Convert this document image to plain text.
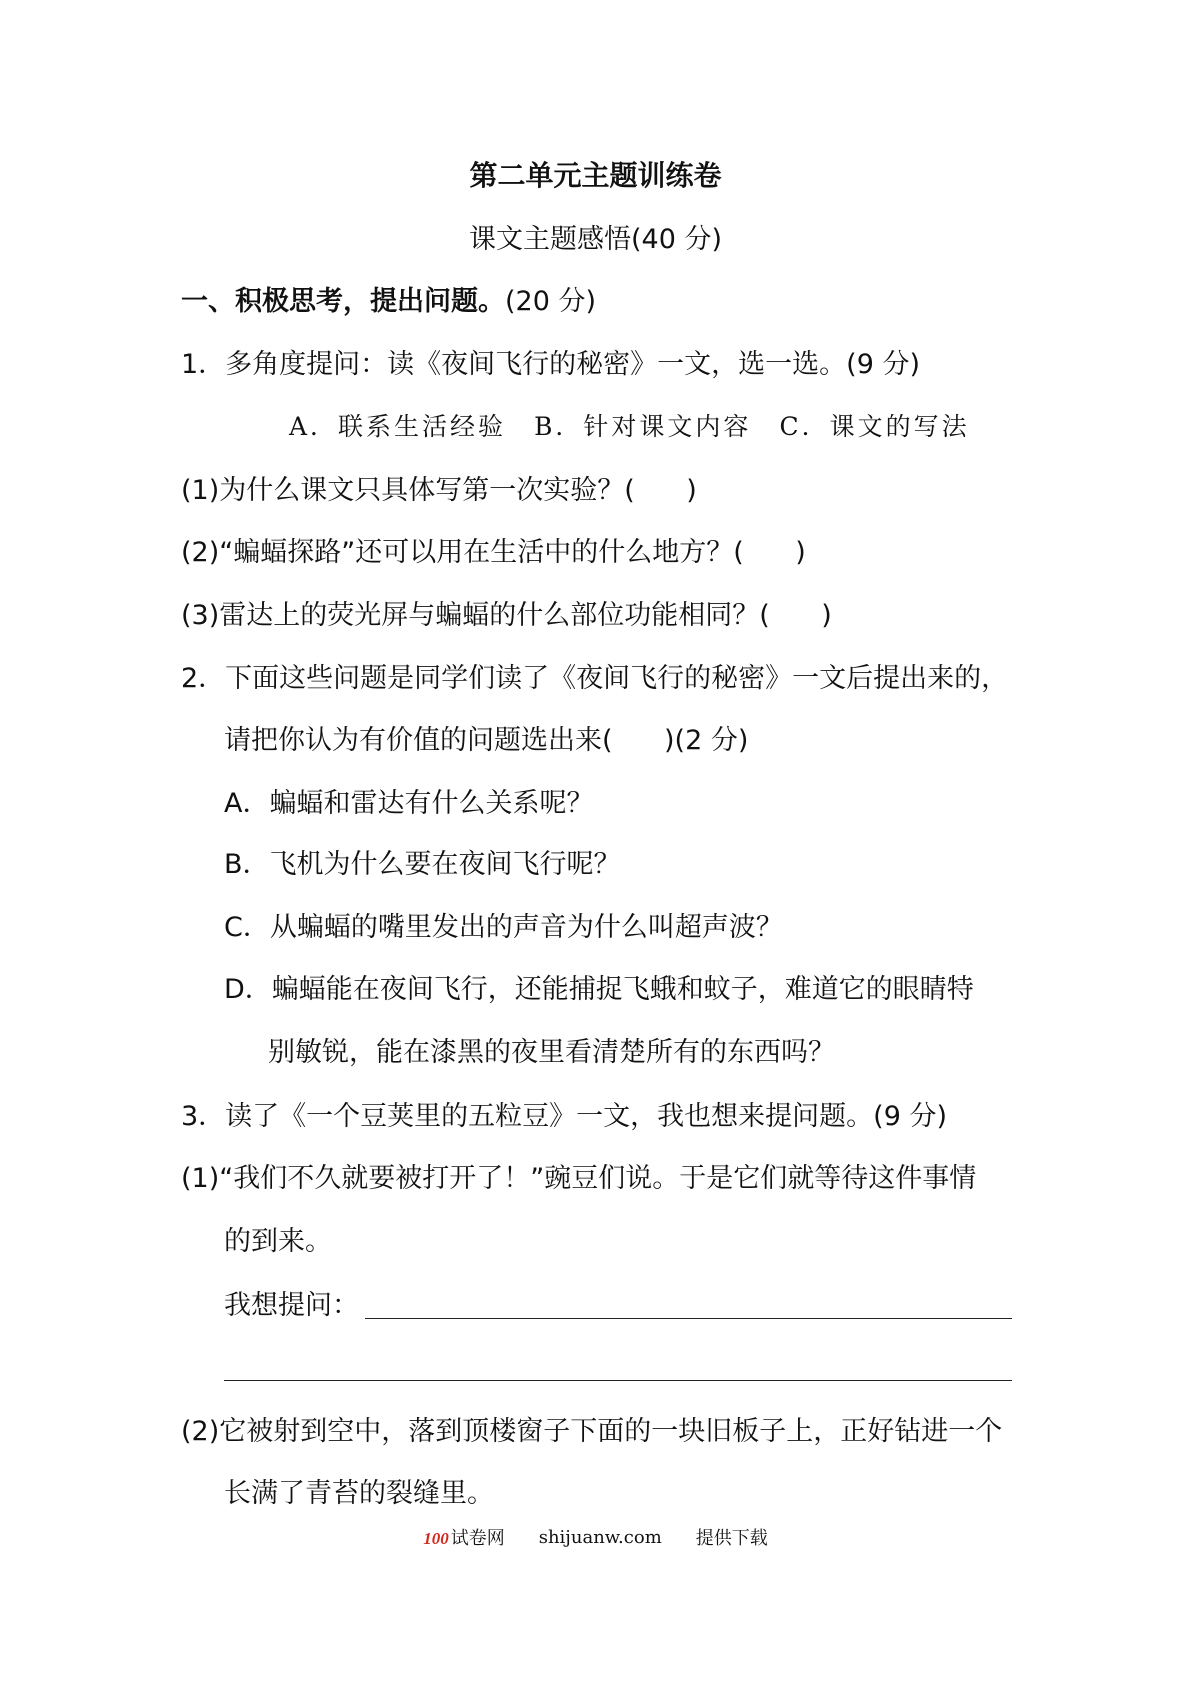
第二单元主题训练卷
课文主题感悟(40 分)
一、积极思考，提出问题。(20 分)
1．多角度提问：读《夜间飞行的秘密》一文，选一选。(9 分)
A．联系生活经验 B．针对课文内容 C．课文的写法
(1)为什么课文只具体写第一次实验？(      )
(2)“蝙蝠探路”还可以用在生活中的什么地方？(      )
(3)雷达上的荧光屏与蝙蝠的什么部位功能相同？(      )
2．下面这些问题是同学们读了《夜间飞行的秘密》一文后提出来的，
请把你认为有价值的问题选出来(      )(2 分)
A．蝙蝠和雷达有什么关系呢？
B．飞机为什么要在夜间飞行呢？
C．从蝙蝠的嘴里发出的声音为什么叫超声波？
D．蝙蝠能在夜间飞行，还能捕捉飞蛾和蚊子，难道它的眼睛特
别敏锐，能在漆黑的夜里看清楚所有的东西吗？
3．读了《一个豆荚里的五粒豆》一文，我也想来提问题。(9 分)
(1)“我们不久就要被打开了！”豌豆们说。于是它们就等待这件事情
的到来。
我想提问：
(2)它被射到空中，落到顶楼窗子下面的一块旧板子上，正好钻进一个
长满了青苔的裂缝里。
100 试卷网 shijuanw.com 提供下载
